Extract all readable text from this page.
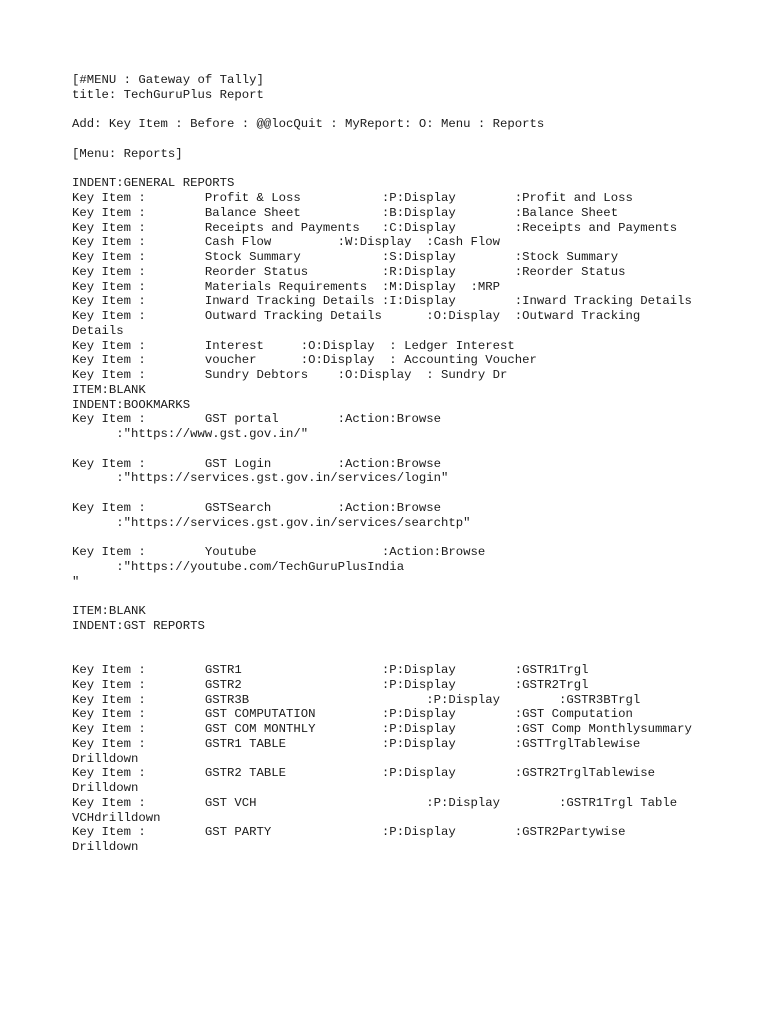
[#MENU : Gateway of Tally]
title: TechGuruPlus Report
Add: Key Item : Before : @@locQuit : MyReport: O: Menu : Reports
[Menu: Reports]
INDENT:GENERAL REPORTS
Key Item :        Profit & Loss           :P:Display        :Profit and Loss
Key Item :        Balance Sheet           :B:Display        :Balance Sheet
Key Item :        Receipts and Payments   :C:Display        :Receipts and Payments
Key Item :        Cash Flow         :W:Display  :Cash Flow
Key Item :        Stock Summary           :S:Display        :Stock Summary
Key Item :        Reorder Status          :R:Display        :Reorder Status
Key Item :        Materials Requirements  :M:Display  :MRP
Key Item :        Inward Tracking Details :I:Display        :Inward Tracking Details
Key Item :        Outward Tracking Details      :O:Display  :Outward Tracking
Details
Key Item :        Interest     :O:Display  : Ledger Interest
Key Item :        voucher      :O:Display  : Accounting Voucher
Key Item :        Sundry Debtors    :O:Display  : Sundry Dr
ITEM:BLANK
INDENT:BOOKMARKS
Key Item :        GST portal        :Action:Browse
:"https://www.gst.gov.in/"
Key Item :        GST Login         :Action:Browse
:"https://services.gst.gov.in/services/login"
Key Item :        GSTSearch         :Action:Browse
:"https://services.gst.gov.in/services/searchtp"
Key Item :        Youtube                 :Action:Browse
:"https://youtube.com/TechGuruPlusIndia
"
ITEM:BLANK
INDENT:GST REPORTS
Key Item :        GSTR1                   :P:Display        :GSTR1Trgl
Key Item :        GSTR2                   :P:Display        :GSTR2Trgl
Key Item :        GSTR3B                        :P:Display        :GSTR3BTrgl
Key Item :        GST COMPUTATION         :P:Display        :GST Computation
Key Item :        GST COM MONTHLY         :P:Display        :GST Comp Monthlysummary
Key Item :        GSTR1 TABLE             :P:Display        :GSTTrglTablewise
Drilldown
Key Item :        GSTR2 TABLE             :P:Display        :GSTR2TrglTablewise
Drilldown
Key Item :        GST VCH                       :P:Display        :GSTR1Trgl Table
VCHdrilldown
Key Item :        GST PARTY               :P:Display        :GSTR2Partywise
Drilldown
